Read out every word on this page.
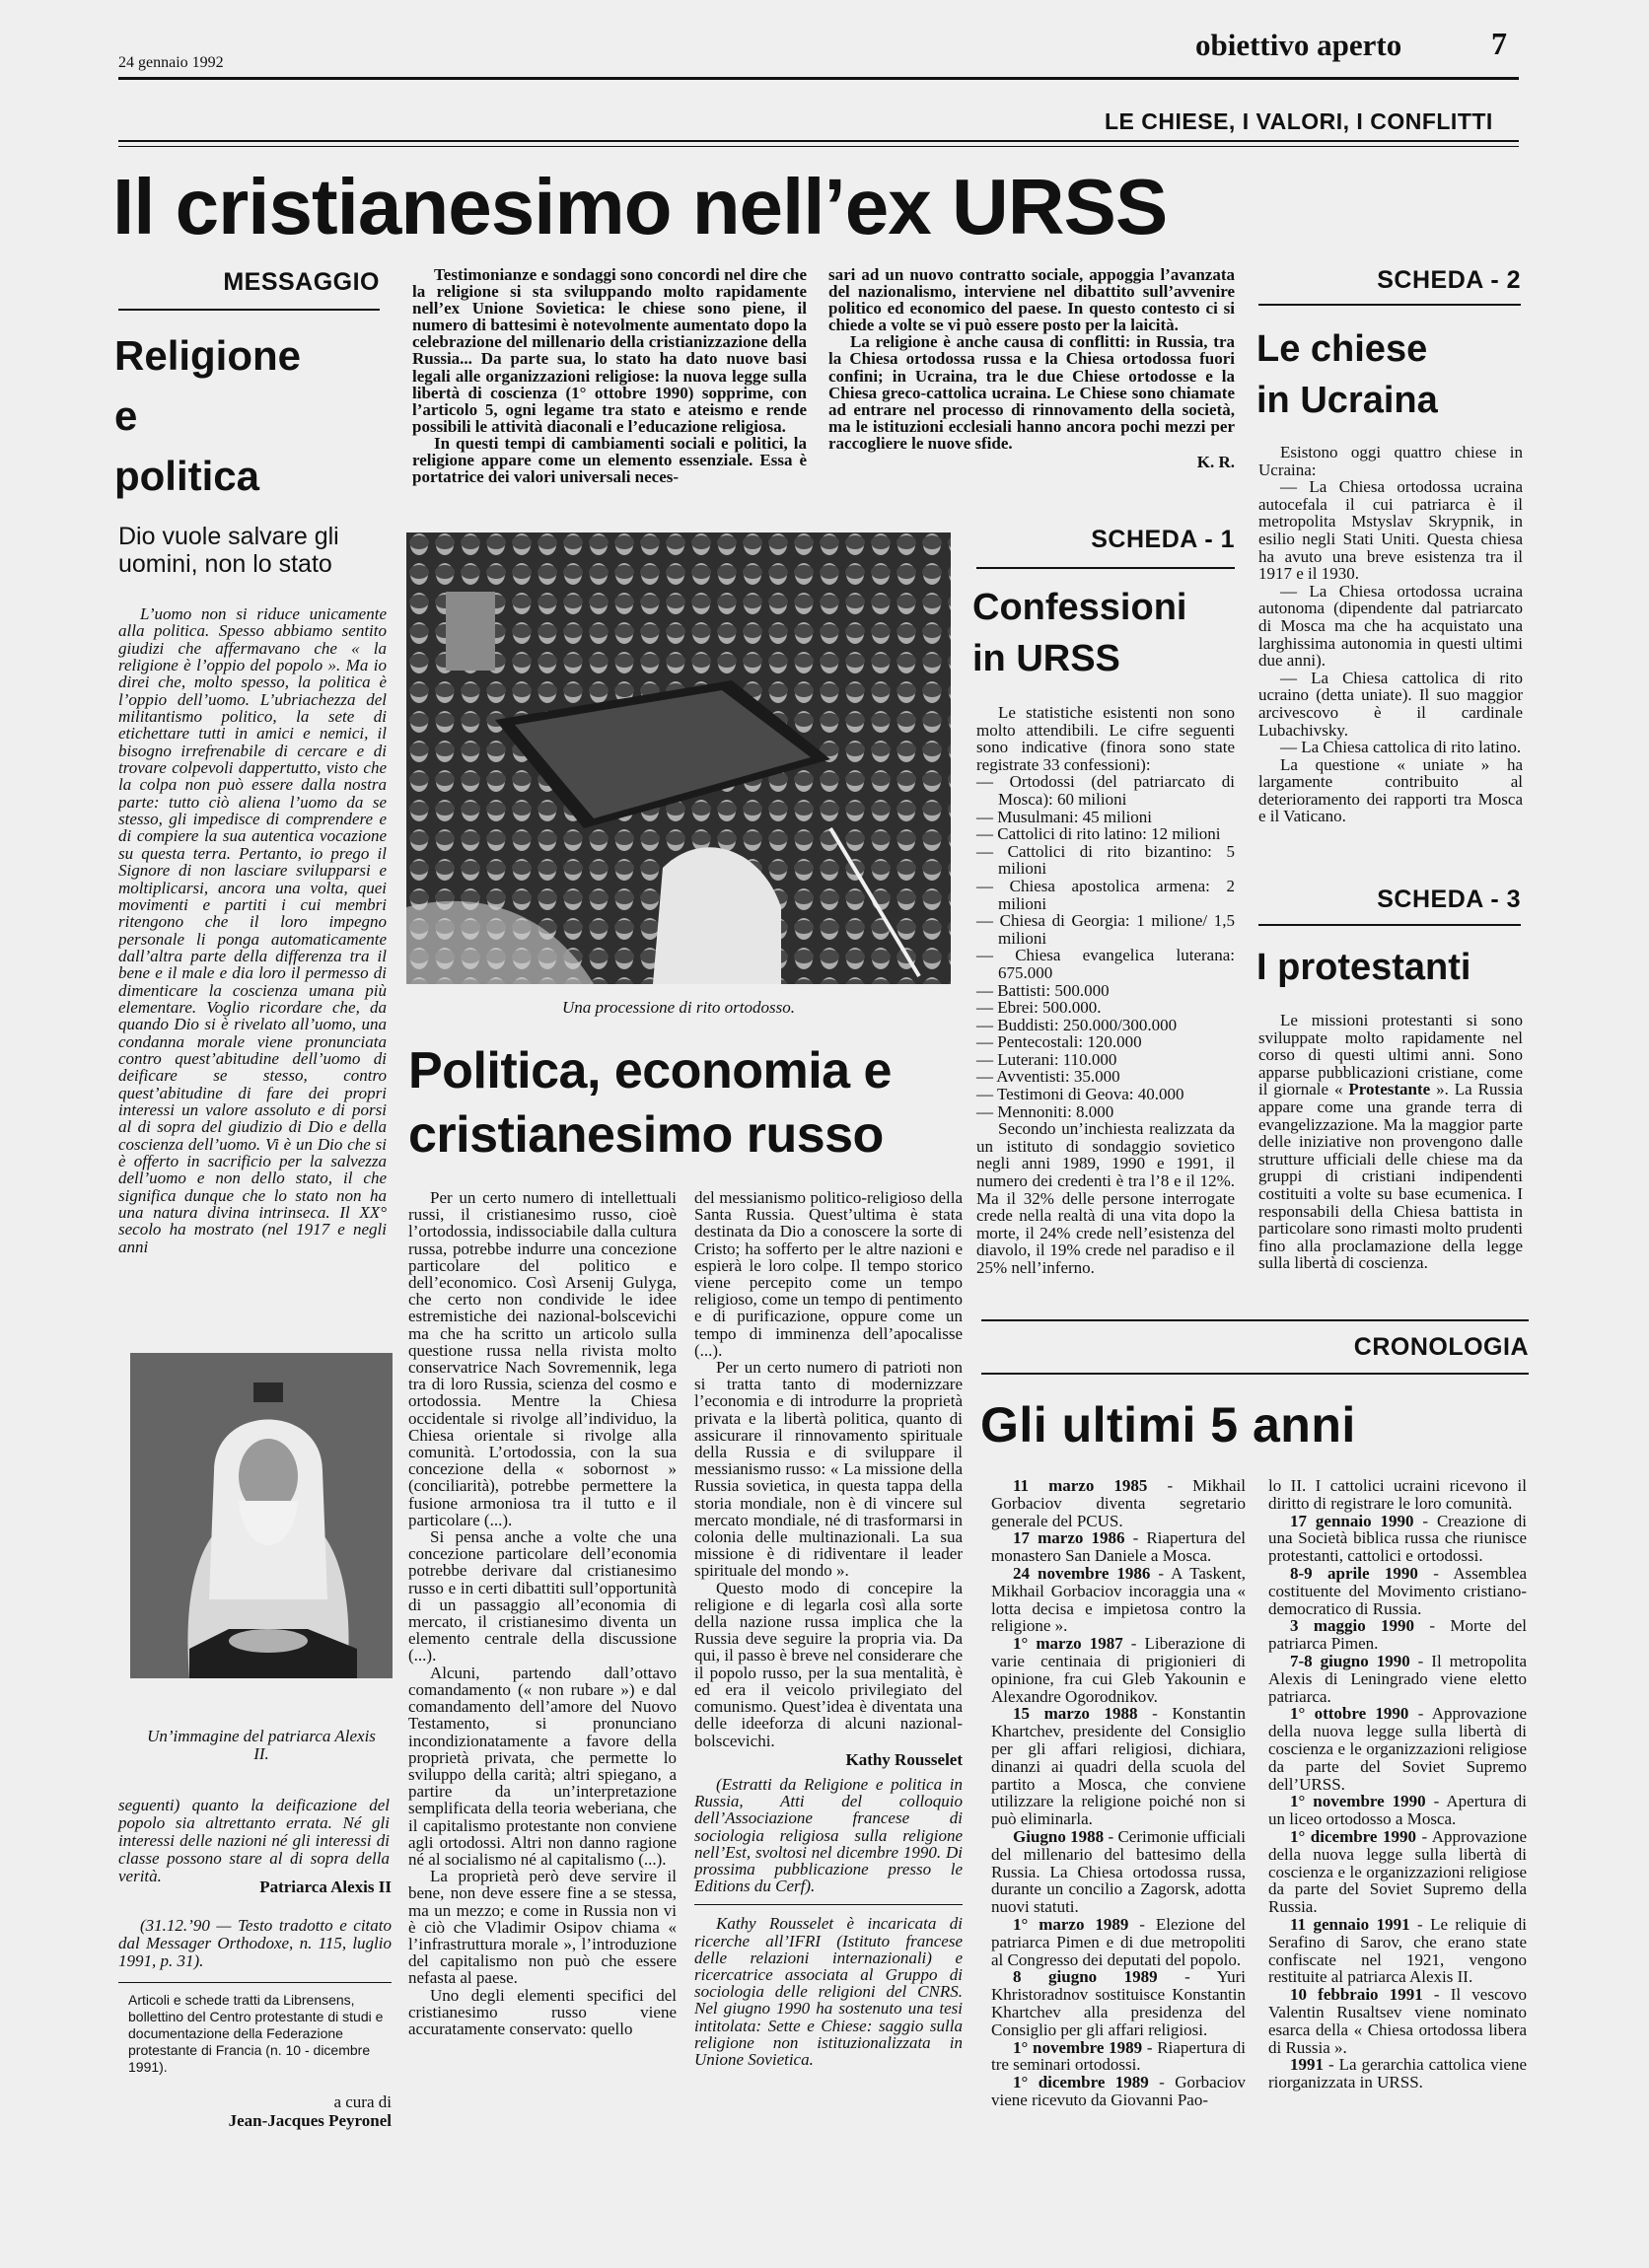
24 gennaio 1992
obiettivo aperto	7
LE CHIESE, I VALORI, I CONFLITTI
Il cristianesimo nell’ex URSS
MESSAGGIO
Religione
e
politica
Dio vuole salvare gli uomini, non lo stato

L’uomo non si riduce unicamente alla politica. Spesso abbiamo sentito giudizi che affermavano che « la religione è l’oppio del popolo ». Ma io direi che, molto spesso, la politica è l’oppio dell’uomo. L’ubriachezza del militantismo politico, la sete di etichettare tutti in amici e nemici, il bisogno irrefrenabile di cercare e di trovare colpevoli dappertutto, visto che la colpa non può essere dalla nostra parte: tutto ciò aliena l’uomo da se stesso, gli impedisce di comprendere e di compiere la sua autentica vocazione su questa terra. Pertanto, io prego il Signore di non lasciare svilupparsi e moltiplicarsi, ancora una volta, quei movimenti e partiti i cui membri ritengono che il loro impegno personale li ponga automaticamente dall’altra parte della differenza tra il bene e il male e dia loro il permesso di dimenticare la coscienza umana più elementare. Voglio ricordare che, da quando Dio si è rivelato all’uomo, una condanna morale viene pronunciata contro quest’abitudine dell’uomo di deificare se stesso, contro quest’abitudine di fare dei propri interessi un valore assoluto e di porsi al di sopra del giudizio di Dio e della coscienza dell’uomo. Vi è un Dio che si è offerto in sacrificio per la salvezza dell’uomo e non dello stato, il che significa dunque che lo stato non ha una natura divina intrinseca. Il XX° secolo ha mostrato (nel 1917 e negli anni

Un’immagine del patriarca Alexis II.

seguenti) quanto la deificazione del popolo sia altrettanto errata. Né gli interessi delle nazioni né gli interessi di classe possono stare al di sopra della verità.

Patriarca Alexis II

(31.12.’90 — Testo tradotto e citato dal Messager Orthodoxe, n. 115, luglio 1991, p. 31).

Articoli e schede tratti da Librensens, bollettino del Centro protestante di studi e documentazione della Federazione protestante di Francia (n. 10 - dicembre 1991).
a cura di
Jean-Jacques Peyronel

Testimonianze e sondaggi sono concordi nel dire che la religione si sta sviluppando molto rapidamente nell’ex Unione Sovietica: le chiese sono piene, il numero di battesimi è notevolmente aumentato dopo la celebrazione del millenario della cristianizzazione della Russia... Da parte sua, lo stato ha dato nuove basi legali alle organizzazioni religiose: la nuova legge sulla libertà di coscienza (1° ottobre 1990) sopprime, con l’articolo 5, ogni legame tra stato e ateismo e rende possibili le attività diaconali e l’educazione religiosa.

In questi tempi di cambiamenti sociali e politici, la religione appare come un elemento essenziale. Essa è portatrice dei valori universali neces-

sari ad un nuovo contratto sociale, appoggia l’avanzata del nazionalismo, interviene nel dibattito sull’avvenire politico ed economico del paese. In questo contesto ci si chiede a volte se vi può essere posto per la laicità.

La religione è anche causa di conflitti: in Russia, tra la Chiesa ortodossa russa e la Chiesa ortodossa fuori confini; in Ucraina, tra le due Chiese ortodosse e la Chiesa greco-cattolica ucraina. Le Chiese sono chiamate ad entrare nel processo di rinnovamento della società, ma le istituzioni ecclesiali hanno ancora pochi mezzi per raccogliere le nuove sfide.

K. R.
Una processione di rito ortodosso.
Politica, economia e
cristianesimo russo

Per un certo numero di intellettuali russi, il cristianesimo russo, cioè l’ortodossia, indissociabile dalla cultura russa, potrebbe indurre una concezione particolare del politico e dell’economico. Così Arsenij Gulyga, che certo non condivide le idee estremistiche dei nazional-bolscevichi ma che ha scritto un articolo sulla questione russa nella rivista molto conservatrice Nach Sovremennik, lega tra di loro Russia, scienza del cosmo e ortodossia. Mentre la Chiesa occidentale si rivolge all’individuo, la Chiesa orientale si rivolge alla comunità. L’ortodossia, con la sua concezione della « sobornost » (conciliarità), potrebbe permettere la fusione armoniosa tra il tutto e il particolare (...).

Si pensa anche a volte che una concezione particolare dell’economia potrebbe derivare dal cristianesimo russo e in certi dibattiti sull’opportunità di un passaggio all’economia di mercato, il cristianesimo diventa un elemento centrale della discussione (...).

Alcuni, partendo dall’ottavo comandamento (« non rubare ») e dal comandamento dell’amore del Nuovo Testamento, si pronunciano incondizionatamente a favore della proprietà privata, che permette lo sviluppo della carità; altri spiegano, a partire da un’interpretazione semplificata della teoria weberiana, che il capitalismo protestante non conviene agli ortodossi. Altri non danno ragione né al socialismo né al capitalismo (...).

La proprietà però deve servire il bene, non deve essere fine a se stessa, ma un mezzo; e come in Russia non vi è ciò che Vladimir Osipov chiama « l’infrastruttura morale », l’introduzione del capitalismo non può che essere nefasta al paese.

Uno degli elementi specifici del cristianesimo russo viene accuratamente conservato: quello

del messianismo politico-religioso della Santa Russia. Quest’ultima è stata destinata da Dio a conoscere la sorte di Cristo; ha sofferto per le altre nazioni e espierà le loro colpe. Il tempo storico viene percepito come un tempo religioso, come un tempo di pentimento e di purificazione, oppure come un tempo di imminenza dell’apocalisse (...).

Per un certo numero di patrioti non si tratta tanto di modernizzare l’economia e di introdurre la proprietà privata e la libertà politica, quanto di assicurare il rinnovamento spirituale della Russia e di sviluppare il messianismo russo: « La missione della Russia sovietica, in questa tappa della storia mondiale, non è di vincere sul mercato mondiale, né di trasformarsi in colonia delle multinazionali. La sua missione è di ridiventare il leader spirituale del mondo ».

Questo modo di concepire la religione e di legarla così alla sorte della nazione russa implica che la Russia deve seguire la propria via. Da qui, il passo è breve nel considerare che il popolo russo, per la sua mentalità, è ed era il veicolo privilegiato del comunismo. Quest’idea è diventata una delle ideeforza di alcuni nazional-bolscevichi.

Kathy Rousselet

(Estratti da Religione e politica in Russia, Atti del colloquio dell’Associazione francese di sociologia religiosa sulla religione nell’Est, svoltosi nel dicembre 1990. Di prossima pubblicazione presso le Editions du Cerf).

Kathy Rousselet è incaricata di ricerche all’IFRI (Istituto francese delle relazioni internazionali) e ricercatrice associata al Gruppo di sociologia delle religioni del CNRS. Nel giugno 1990 ha sostenuto una tesi intitolata: Sette e Chiese: saggio sulla religione non istituzionalizzata in Unione Sovietica.

SCHEDA - 1
Confessioni
in URSS

Le statistiche esistenti non sono molto attendibili. Le cifre seguenti sono indicative (finora sono state registrate 33 confessioni):

— Ortodossi (del patriarcato di Mosca): 60 milioni

— Musulmani: 45 milioni

— Cattolici di rito latino: 12 milioni

— Cattolici di rito bizantino: 5 milioni

— Chiesa apostolica armena: 2 milioni

— Chiesa di Georgia: 1 milione/ 1,5 milioni

— Chiesa evangelica luterana: 675.000

— Battisti: 500.000

— Ebrei: 500.000.

— Buddisti: 250.000/300.000

— Pentecostali: 120.000

— Luterani: 110.000

— Avventisti: 35.000

— Testimoni di Geova: 40.000

— Mennoniti: 8.000

Secondo un’inchiesta realizzata da un istituto di sondaggio sovietico negli anni 1989, 1990 e 1991, il numero dei credenti è tra l’8 e il 12%. Ma il 32% delle persone interrogate crede nella realtà di una vita dopo la morte, il 24% crede nell’esistenza del diavolo, il 19% crede nel paradiso e il 25% nell’inferno.

SCHEDA - 2
Le chiese
in Ucraina

Esistono oggi quattro chiese in Ucraina:

— La Chiesa ortodossa ucraina autocefala il cui patriarca è il metropolita Mstyslav Skrypnik, in esilio negli Stati Uniti. Questa chiesa ha avuto una breve esistenza tra il 1917 e il 1930.

— La Chiesa ortodossa ucraina autonoma (dipendente dal patriarcato di Mosca ma che ha acquistato una larghissima autonomia in questi ultimi due anni).

— La Chiesa cattolica di rito ucraino (detta uniate). Il suo maggior arcivescovo è il cardinale Lubachivsky.

— La Chiesa cattolica di rito latino.

La questione « uniate » ha largamente contribuito al deterioramento dei rapporti tra Mosca e il Vaticano.

SCHEDA - 3
I protestanti

Le missioni protestanti si sono sviluppate molto rapidamente nel corso di questi ultimi anni. Sono apparse pubblicazioni cristiane, come il giornale « Protestante ». La Russia appare come una grande terra di evangelizzazione. Ma la maggior parte delle iniziative non provengono dalle strutture ufficiali delle chiese ma da gruppi di cristiani indipendenti costituiti a volte su base ecumenica. I responsabili della Chiesa battista in particolare sono rimasti molto prudenti fino alla proclamazione della legge sulla libertà di coscienza.

CRONOLOGIA
Gli ultimi 5 anni

11 marzo 1985 - Mikhail Gorbaciov diventa segretario generale del PCUS.

17 marzo 1986 - Riapertura del monastero San Daniele a Mosca.

24 novembre 1986 - A Taskent, Mikhail Gorbaciov incoraggia una « lotta decisa e impietosa contro la religione ».

1° marzo 1987 - Liberazione di varie centinaia di prigionieri di opinione, fra cui Gleb Yakounin e Alexandre Ogorodnikov.

15 marzo 1988 - Konstantin Khartchev, presidente del Consiglio per gli affari religiosi, dichiara, dinanzi ai quadri della scuola del partito a Mosca, che conviene utilizzare la religione poiché non si può eliminarla.

Giugno 1988 - Cerimonie ufficiali del millenario del battesimo della Russia. La Chiesa ortodossa russa, durante un concilio a Zagorsk, adotta nuovi statuti.

1° marzo 1989 - Elezione del patriarca Pimen e di due metropoliti al Congresso dei deputati del popolo.

8 giugno 1989 - Yuri Khristoradnov sostituisce Konstantin Khartchev alla presidenza del Consiglio per gli affari religiosi.

1° novembre 1989 - Riapertura di tre seminari ortodossi.

1° dicembre 1989 - Gorbaciov viene ricevuto da Giovanni Pao-

lo II. I cattolici ucraini ricevono il diritto di registrare le loro comunità.

17 gennaio 1990 - Creazione di una Società biblica russa che riunisce protestanti, cattolici e ortodossi.

8-9 aprile 1990 - Assemblea costituente del Movimento cristiano-democratico di Russia.

3 maggio 1990 - Morte del patriarca Pimen.

7-8 giugno 1990 - Il metropolita Alexis di Leningrado viene eletto patriarca.

1° ottobre 1990 - Approvazione della nuova legge sulla libertà di coscienza e le organizzazioni religiose da parte del Soviet Supremo dell’URSS.

1° novembre 1990 - Apertura di un liceo ortodosso a Mosca.

1° dicembre 1990 - Approvazione della nuova legge sulla libertà di coscienza e le organizzazioni religiose da parte del Soviet Supremo della Russia.

11 gennaio 1991 - Le reliquie di Serafino di Sarov, che erano state confiscate nel 1921, vengono restituite al patriarca Alexis II.

10 febbraio 1991 - Il vescovo Valentin Rusaltsev viene nominato esarca della « Chiesa ortodossa libera di Russia ».

1991 - La gerarchia cattolica viene riorganizzata in URSS.
